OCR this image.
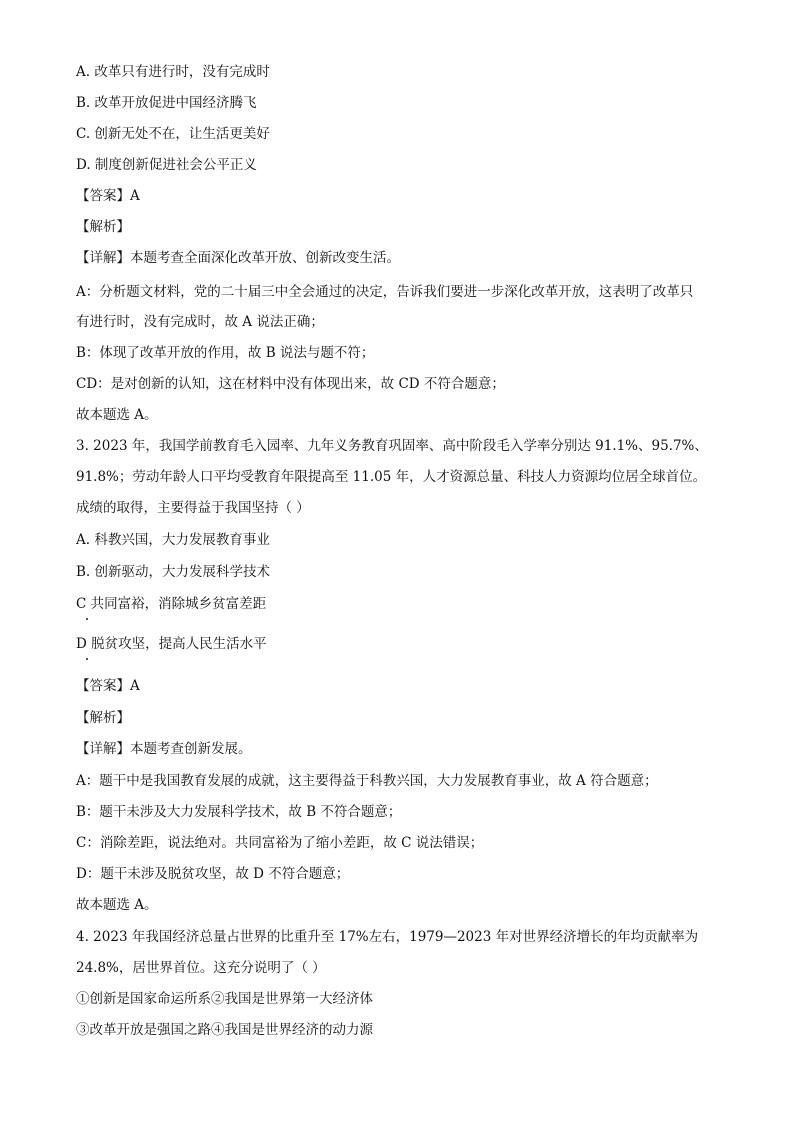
A. 改革只有进行时，没有完成时
B. 改革开放促进中国经济腾飞
C. 创新无处不在，让生活更美好
D. 制度创新促进社会公平正义
【答案】A
【解析】
【详解】本题考查全面深化改革开放、创新改变生活。
A：分析题文材料，党的二十届三中全会通过的决定，告诉我们要进一步深化改革开放，这表明了改革只
有进行时，没有完成时，故 A 说法正确；
B：体现了改革开放的作用，故 B 说法与题不符；
CD：是对创新的认知，这在材料中没有体现出来，故 CD 不符合题意；
故本题选 A。
3. 2023 年，我国学前教育毛入园率、九年义务教育巩固率、高中阶段毛入学率分别达 91.1%、95.7%、
91.8%；劳动年龄人口平均受教育年限提高至 11.05 年，人才资源总量、科技人力资源均位居全球首位。
成绩的取得，主要得益于我国坚持（ ）
A. 科教兴国，大力发展教育事业
B. 创新驱动，大力发展科学技术
C 共同富裕，消除城乡贫富差距
D 脱贫攻坚，提高人民生活水平
【答案】A
【解析】
【详解】本题考查创新发展。
A：题干中是我国教育发展的成就，这主要得益于科教兴国，大力发展教育事业，故 A 符合题意；
B：题干未涉及大力发展科学技术，故 B 不符合题意；
C：消除差距，说法绝对。共同富裕为了缩小差距，故 C 说法错误；
D：题干未涉及脱贫攻坚，故 D 不符合题意；
故本题选 A。
4. 2023 年我国经济总量占世界的比重升至 17%左右，1979—2023 年对世界经济增长的年均贡献率为
24.8%，居世界首位。这充分说明了（ ）
①创新是国家命运所系②我国是世界第一大经济体
③改革开放是强国之路④我国是世界经济的动力源
